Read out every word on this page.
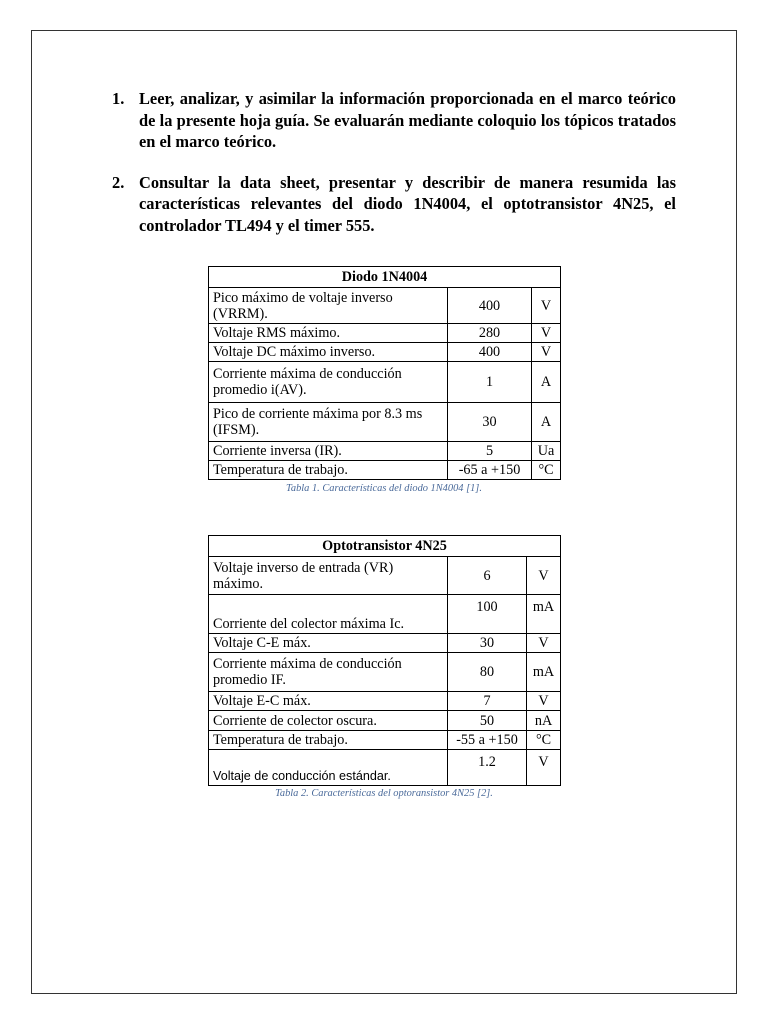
1. Leer, analizar, y asimilar la información proporcionada en el marco teórico de la presente hoja guía. Se evaluarán mediante coloquio los tópicos tratados en el marco teórico.
2. Consultar la data sheet, presentar y describir de manera resumida las características relevantes del diodo 1N4004, el optotransistor 4N25, el controlador TL494 y el timer 555.
Diodo 1N4004		
Pico máximo de voltaje inverso (VRRM).	400	V
Voltaje RMS máximo.	280	V
Voltaje DC máximo inverso.	400	V
Corriente máxima de conducción promedio i(AV).	1	A
Pico de corriente máxima por 8.3 ms (IFSM).	30	A
Corriente inversa (IR).	5	Ua
Temperatura de trabajo.	-65 a +150	°C
Tabla 1. Características del diodo 1N4004 [1].
Optotransistor 4N25		
Voltaje inverso de entrada (VR) máximo.	6	V
Corriente del colector máxima Ic.	100	mA
Voltaje C-E máx.	30	V
Corriente máxima de conducción promedio IF.	80	mA
Voltaje E-C máx.	7	V
Corriente de colector oscura.	50	nA
Temperatura de trabajo.	-55 a +150	°C
Voltaje de conducción estándar.	1.2	V
Tabla 2. Características del optoransistor 4N25 [2].
